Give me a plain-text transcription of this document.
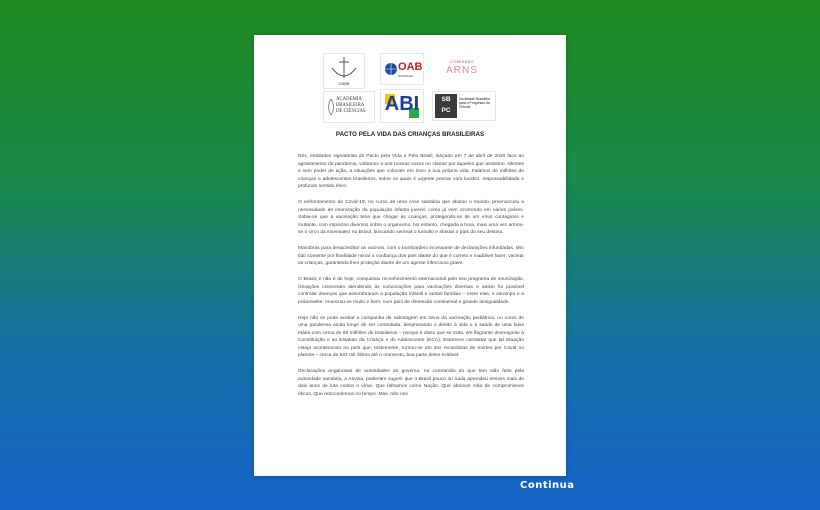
CNBB
OAB
NACIONAL
COMISSÃO
ARNS
ACADEMIA
BRASILEIRA
DE CIÊNCIAS ABI	SB
PC
Sociedade Brasileira para o Progresso da Ciência
PACTO PELA VIDA DAS CRIANÇAS BRASILEIRAS

Nós, entidades signatárias do Pacto pela Vida e Pelo Brasil, lançado em 7 de abril de 2020 face ao agravamento da pandemia, voltamos a unir nossas vozes no clamor por àqueles que assistem, silentes e sem poder de ação, a situações que colocam em risco a sua própria vida. Falamos de milhões de crianças e adolescentes brasileiros, sobre os quais é urgente pensar com lucidez, responsabilidade e profundo sentido ético.

O enfrentamento da Covid-19, no curso de uma crise sanitária que abalou o mundo, preenunciou a necessidade de imunização da população infanto-juvenil, como já vem ocorrendo em vários países. Sabia-se que a vacinação teria que chegar às crianças, protegendo-as de um vírus contagioso e mutante, com impactos diversos sobre o organismo. No entanto, chegada a hora, mais uma vez armou-se o circo da insensatez no Brasil, buscando semear o tumulto e afastar o país do seu destino.

Manobras para desacreditar as vacinas, com o bombardeio incessante de declarações infundadas, têm tido somente por finalidade minar a confiança dos pais diante do que é correto e inadiável fazer: vacinar as crianças, garantindo-lhes proteção diante de um agente infeccioso grave.

O Brasil, e não é de hoje, conquistou reconhecimento internacional pelo seu programa de imunização. Gerações cresceram atendendo às convocações para vacinações diversas e assim foi possível controlar doenças que assombraram a população infantil e tantas famílias – entre elas, o sarampo e a poliomielite. Imunizou-se muito e bem, num país de dimensão continental e grande desigualdade.

Hoje não se pode aceitar a campanha de sabotagem em torno da vacinação pediátrica, no curso de uma pandemia ainda longe de ser controlada, desprezando o direito à vida e à saúde de uma faixa etária com cerca de 69 milhões de brasileiros – porque é disso que se trata, em flagrante desrespeito à Constituição e ao Estatuto da Criança e do Adolescente (ECA). Estarrece constatar que tal situação esteja acontecendo no país que, tristemente, tornou-se um dos recordistas de mortes por Covid no planeta – cerca de 622 mil óbitos até o momento, boa parte deles evitável.

Declarações enganosas de autoridades do governo, na contramão do que tem sido feito pela autoridade sanitária, a Anvisa, poderiam sugerir que o Brasil pouco ou nada aprendeu nesses mais de dois anos de luta contra o vírus. Que falhamos como Nação. Que abrimos mão de compromissos éticos. Que retrocedemos no tempo. Mas, não nos

Continua
